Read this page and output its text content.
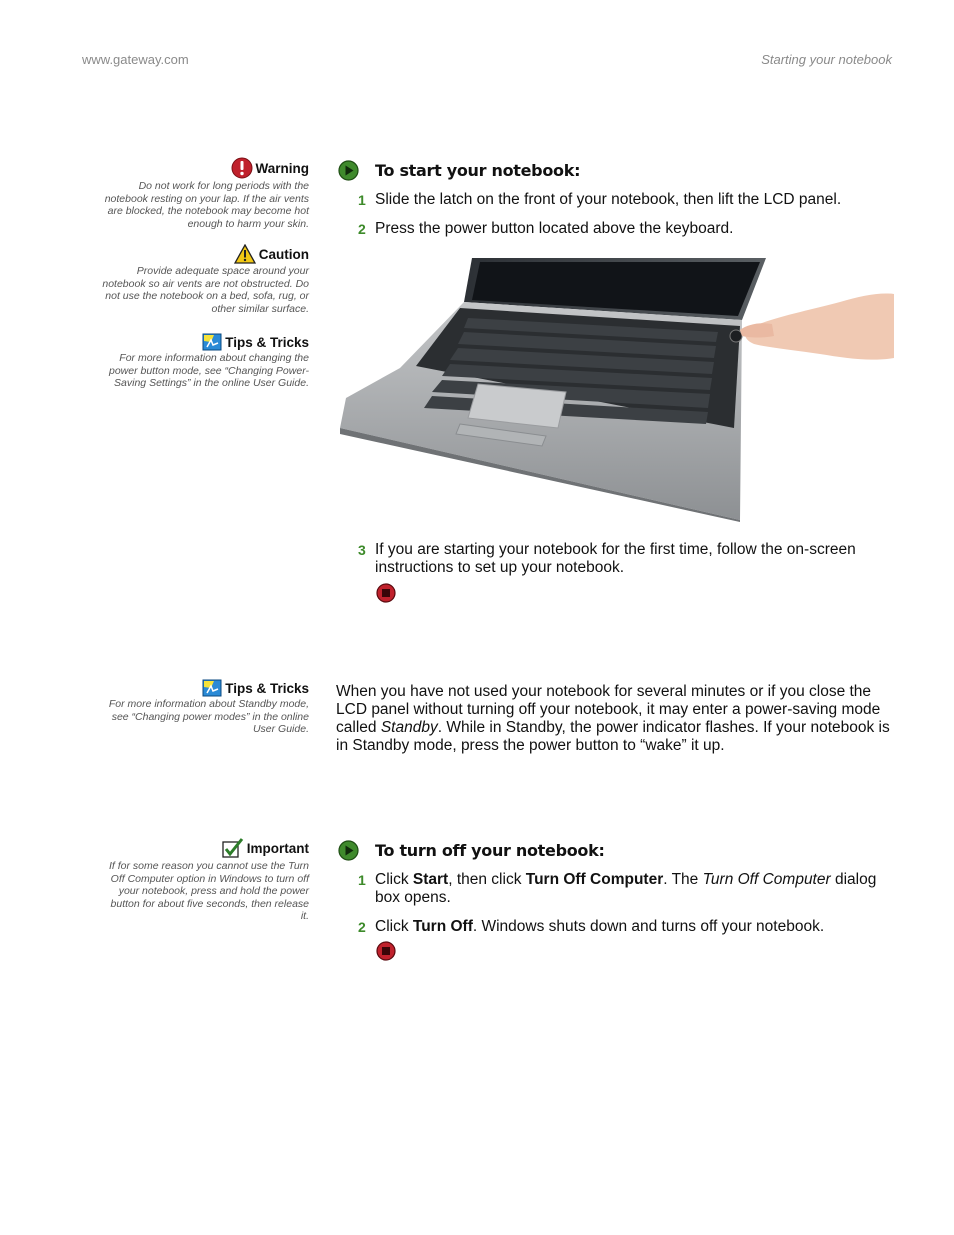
www.gateway.com	Starting your notebook
Warning
Do not work for long periods with the notebook resting on your lap. If the air vents are blocked, the notebook may become hot enough to harm your skin.
Caution
Provide adequate space around your notebook so air vents are not obstructed. Do not use the notebook on a bed, sofa, rug, or other similar surface.
Tips & Tricks
For more information about changing the power button mode, see “Changing Power-Saving Settings” in the online User Guide.
Tips & Tricks
For more information about Standby mode, see “Changing power modes” in the online User Guide.
Important
If for some reason you cannot use the Turn Off Computer option in Windows to turn off your notebook, press and hold the power button for about five seconds, then release it.
To start your notebook:
1 Slide the latch on the front of your notebook, then lift the LCD panel.
2 Press the power button located above the keyboard.
3 If you are starting your notebook for the first time, follow the on-screen instructions to set up your notebook.
When you have not used your notebook for several minutes or if you close the LCD panel without turning off your notebook, it may enter a power-saving mode called Standby. While in Standby, the power indicator flashes. If your notebook is in Standby mode, press the power button to “wake” it up.
To turn off your notebook:
1 Click Start, then click Turn Off Computer. The Turn Off Computer dialog box opens.
2 Click Turn Off. Windows shuts down and turns off your notebook.
